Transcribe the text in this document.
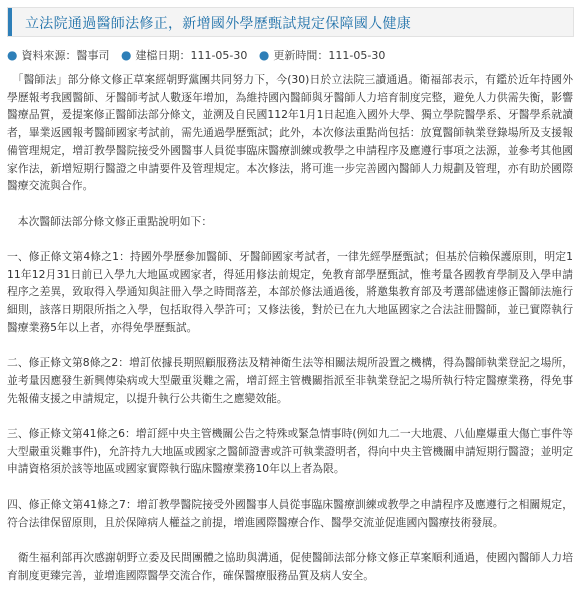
立法院通過醫師法修正，新增國外學歷甄試規定保障國人健康
● 資料來源：醫事司 ● 建檔日期：111-05-30 ● 更新時間：111-05-30

　「醫師法」部分條文修正草案經朝野黨團共同努力下，今(30)日於立法院三讀通過。衛福部表示，有鑑於近年持國外學歷報考我國醫師、牙醫師考試人數逐年增加，為維持國內醫師與牙醫師人力培育制度完整，避免人力供需失衡，影響醫療品質，爰提案修正醫師法部分條文，並溯及自民國112年1月1日起進入國外大學、獨立學院醫學系、牙醫學系就讀者，畢業返國報考醫師國家考試前，需先通過學歷甄試；此外，本次修法重點尚包括：放寬醫師執業登錄場所及支援報備管理規定，增訂教學醫院接受外國醫事人員從事臨床醫療訓練或教學之申請程序及應遵行事項之法源，並參考其他國家作法，新增短期行醫證之申請要件及管理規定。本次修法，將可進一步完善國內醫師人力規劃及管理，亦有助於國際醫療交流與合作。

　本次醫師法部分條文修正重點說明如下：

一、修正條文第4條之1：持國外學歷參加醫師、牙醫師國家考試者，一律先經學歷甄試；但基於信賴保護原則，明定111年12月31日前已入學九大地區或國家者，得延用修法前規定，免教育部學歷甄試，惟考量各國教育學制及入學申請程序之差異，致取得入學通知與註冊入學之時間落差，本部於修法通過後，將邀集教育部及考選部儘速修正醫師法施行細則，該落日期限所指之入學，包括取得入學許可；又修法後，對於已在九大地區國家之合法註冊醫師，並已實際執行醫療業務5年以上者，亦得免學歷甄試。

二、修正條文第8條之2：增訂依據長期照顧服務法及精神衛生法等相關法規所設置之機構，得為醫師執業登記之場所，並考量因應發生新興傳染病或大型嚴重災難之需，增訂經主管機關指派至非執業登記之場所執行特定醫療業務，得免事先報備支援之申請規定，以提升執行公共衛生之應變效能。

三、修正條文第41條之6：增訂經中央主管機關公告之特殊或緊急情事時(例如九二一大地震、八仙塵爆重大傷亡事件等大型嚴重災難事件)，允許持九大地區或國家之醫師證書或許可執業證明者，得向中央主管機關申請短期行醫證；並明定申請資格須於該等地區或國家實際執行臨床醫療業務10年以上者為限。

四、修正條文第41條之7：增訂教學醫院接受外國醫事人員從事臨床醫療訓練或教學之申請程序及應遵行之相關規定，符合法律保留原則，且於保障病人權益之前提，增進國際醫療合作、醫學交流並促進國內醫療技術發展。

　衛生福利部再次感謝朝野立委及民間團體之協助與溝通，促使醫師法部分條文修正草案順利通過，使國內醫師人力培育制度更臻完善，並增進國際醫學交流合作，確保醫療服務品質及病人安全。
